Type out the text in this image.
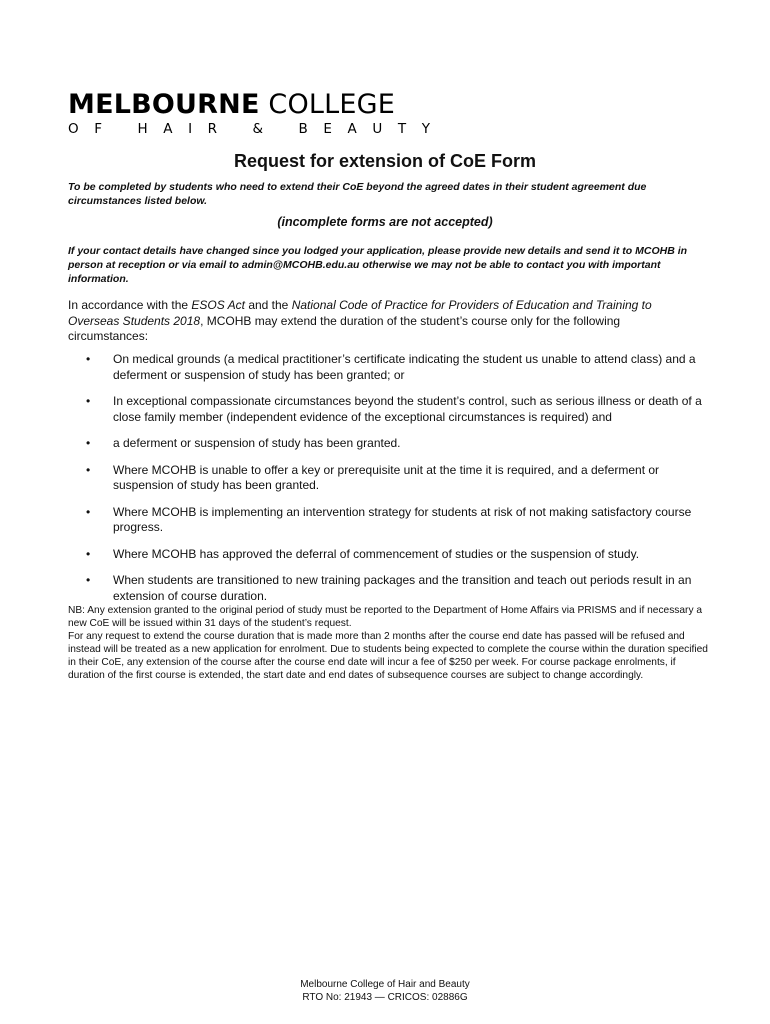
MELBOURNE COLLEGE
OF HAIR & BEAUTY
Request for extension of CoE Form
To be completed by students who need to extend their CoE beyond the agreed dates in their student agreement due circumstances listed below.
(incomplete forms are not accepted)
If your contact details have changed since you lodged your application, please provide new details and send it to MCOHB in person at reception or via email to admin@MCOHB.edu.au otherwise we may not be able to contact you with important information.
In accordance with the ESOS Act and the National Code of Practice for Providers of Education and Training to Overseas Students 2018, MCOHB may extend the duration of the student’s course only for the following circumstances:
• On medical grounds (a medical practitioner’s certificate indicating the student us unable to attend class) and a deferment or suspension of study has been granted; or
• In exceptional compassionate circumstances beyond the student’s control, such as serious illness or death of a close family member (independent evidence of the exceptional circumstances is required) and
• a deferment or suspension of study has been granted.
• Where MCOHB is unable to offer a key or prerequisite unit at the time it is required, and a deferment or suspension of study has been granted.
• Where MCOHB is implementing an intervention strategy for students at risk of not making satisfactory course progress.
• Where MCOHB has approved the deferral of commencement of studies or the suspension of study.
• When students are transitioned to new training packages and the transition and teach out periods result in an extension of course duration.

NB: Any extension granted to the original period of study must be reported to the Department of Home Affairs via PRISMS and if necessary a new CoE will be issued within 31 days of the student’s request.

For any request to extend the course duration that is made more than 2 months after the course end date has passed will be refused and instead will be treated as a new application for enrolment. Due to students being expected to complete the course within the duration specified in their CoE, any extension of the course after the course end date will incur a fee of $250 per week. For course package enrolments, if duration of the first course is extended, the start date and end dates of subsequence courses are subject to change accordingly.

Melbourne College of Hair and Beauty
RTO No: 21943 — CRICOS: 02886G
